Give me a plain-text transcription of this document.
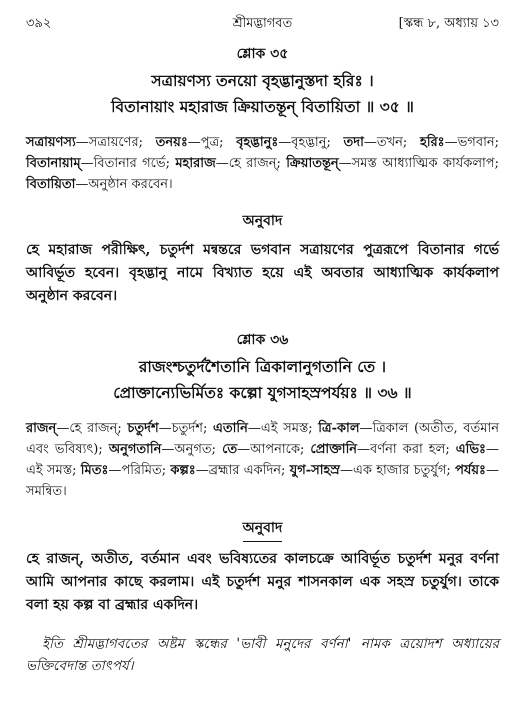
৩৯২	শ্রীমদ্ভাগবত	[স্কন্ধ ৮, অধ্যায় ১৩
শ্লোক ৩৫
সত্রায়ণস্য তনয়ো বৃহদ্ভানুস্তদা হরিঃ ।
বিতানায়াং মহারাজ ক্রিয়াতন্তূন্ বিতায়িতা ॥ ৩৫ ॥
সত্রায়ণস্য—সত্রায়ণের; তনয়ঃ—পুত্র; বৃহদ্ভানুঃ—বৃহদ্ভানু; তদা—তখন; হরিঃ—ভগবান; বিতানায়াম্—বিতানার গর্ভে; মহারাজ—হে রাজন্; ক্রিয়াতন্তূন্—সমস্ত আধ্যাত্মিক কার্যকলাপ; বিতায়িতা—অনুষ্ঠান করবেন।
অনুবাদ
হে মহারাজ পরীক্ষিৎ, চতুর্দশ মন্বন্তরে ভগবান সত্রায়ণের পুত্ররূপে বিতানার গর্ভে আবির্ভূত হবেন। বৃহদ্ভানু নামে বিখ্যাত হয়ে এই অবতার আধ্যাত্মিক কার্যকলাপ অনুষ্ঠান করবেন।
শ্লোক ৩৬
রাজংশ্চতুর্দশৈতানি ত্রিকালানুগতানি তে ।
প্রোক্তান্যেভির্মিতঃ কল্পো যুগসাহস্রপর্যয়ঃ ॥ ৩৬ ॥
রাজন্—হে রাজন্; চতুর্দশ—চতুর্দশ; এতানি—এই সমস্ত; ত্রি-কাল—ত্রিকাল (অতীত, বর্তমান এবং ভবিষ্যৎ); অনুগতানি—অনুগত; তে—আপনাকে; প্রোক্তানি—বর্ণনা করা হল; এভিঃ—এই সমস্ত; মিতঃ—পরিমিত; কল্পঃ—ব্রহ্মার একদিন; যুগ-সাহস্র—এক হাজার চতুর্যুগ; পর্যয়ঃ—সমন্বিত।
অনুবাদ
হে রাজন্, অতীত, বর্তমান এবং ভবিষ্যতের কালচক্রে আবির্ভূত চতুর্দশ মনুর বর্ণনা আমি আপনার কাছে করলাম। এই চতুর্দশ মনুর শাসনকাল এক সহস্র চতুর্যুগ। তাকে বলা হয় কল্প বা ব্রহ্মার একদিন।
ইতি শ্রীমদ্ভাগবতের অষ্টম স্কন্ধের 'ভাবী মনুদের বর্ণনা' নামক ত্রয়োদশ অধ্যায়ের ভক্তিবেদান্ত তাৎপর্য।
